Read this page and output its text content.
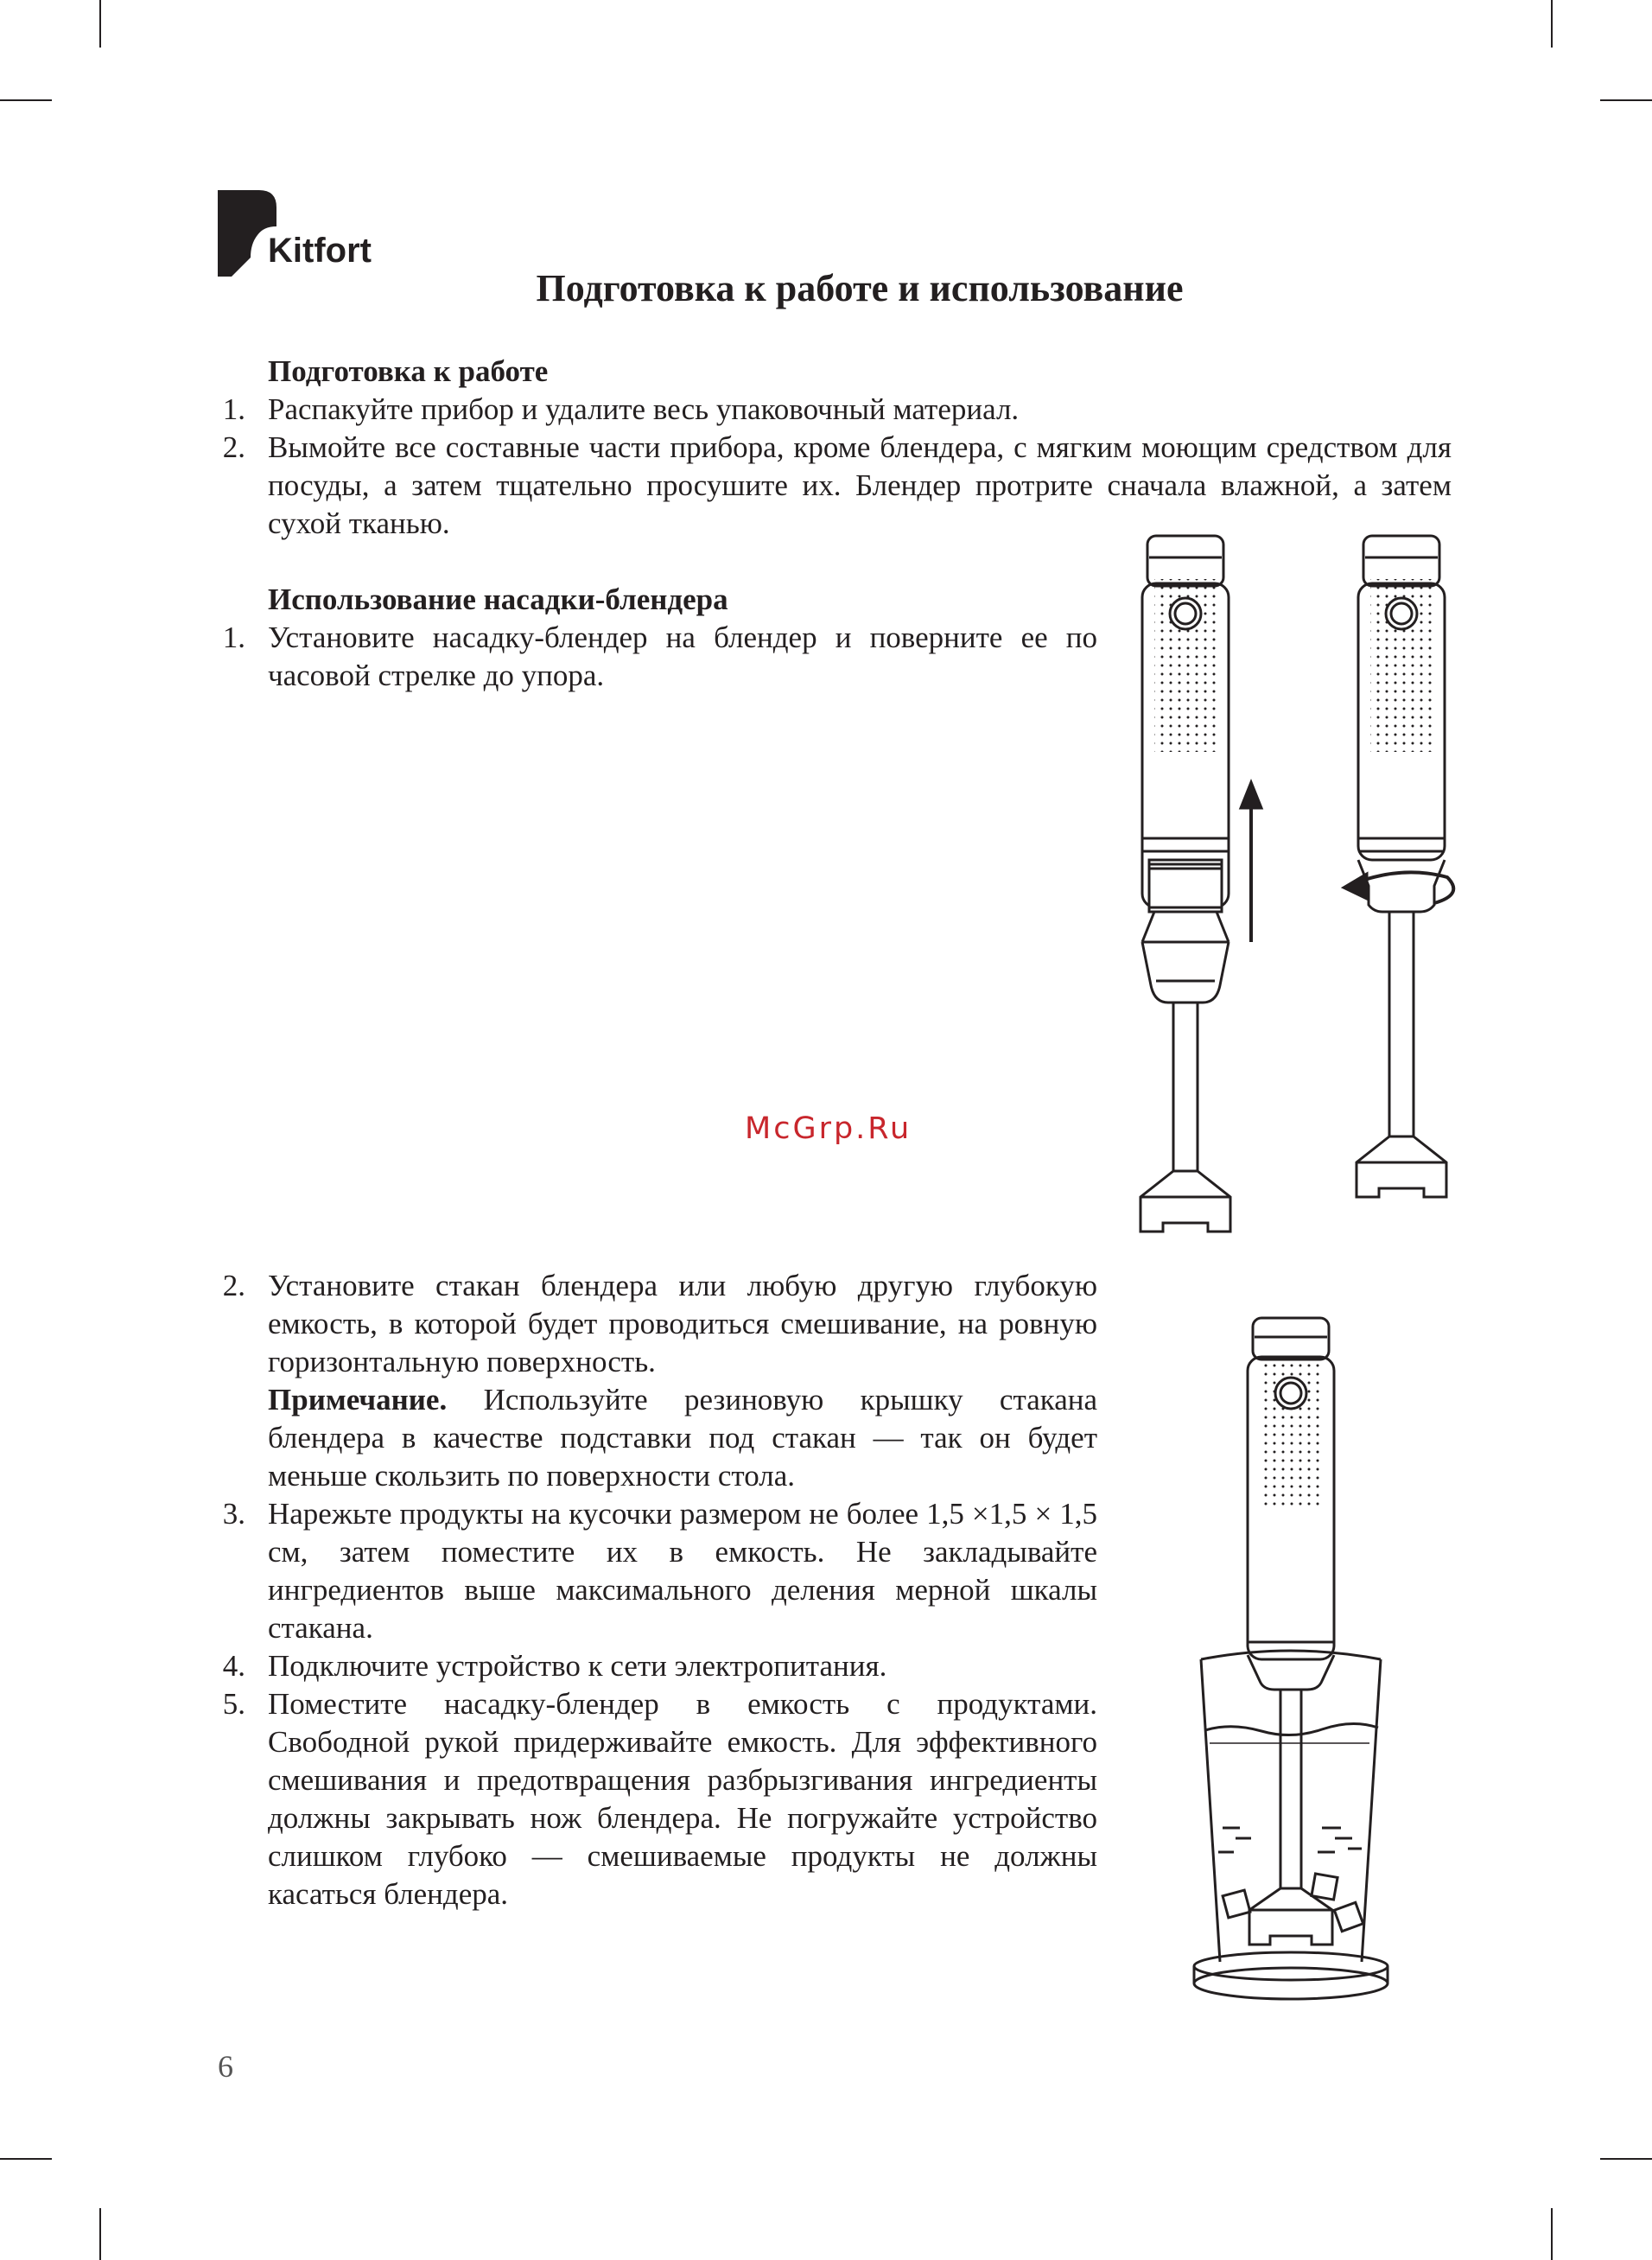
Kitfort
Подготовка к работе и использование
Подготовка к работе
1. Распакуйте прибор и удалите весь упаковочный материал.
2. Вымойте все составные части прибора, кроме блендера, с мягким моющим средством для посуды, а затем тщательно просушите их. Блендер протрите сначала влажной, а затем сухой тканью.
Использование насадки-блендера
1. Установите насадку-блендер на блендер и поверните ее по часовой стрелке до упора.
2. Установите стакан блендера или любую другую глубокую емкость, в которой будет проводиться смешивание, на ровную горизонтальную поверхность.
Примечание. Используйте резиновую крышку стакана блендера в качестве подставки под стакан — так он будет меньше скользить по поверхности стола.
3. Нарежьте продукты на кусочки размером не более 1,5 ×1,5 × 1,5 см, затем поместите их в емкость. Не закладывайте ингредиентов выше максимального деления мерной шкалы стакана.
4. Подключите устройство к сети электропитания.
5. Поместите насадку-блендер в емкость с продуктами. Свободной рукой придерживайте емкость. Для эффективного смешивания и предотвращения разбрызгивания ингредиенты должны закрывать нож блендера. Не погружайте устройство слишком глубоко — смешиваемые продукты не должны касаться блендера.
McGrp.Ru
6
